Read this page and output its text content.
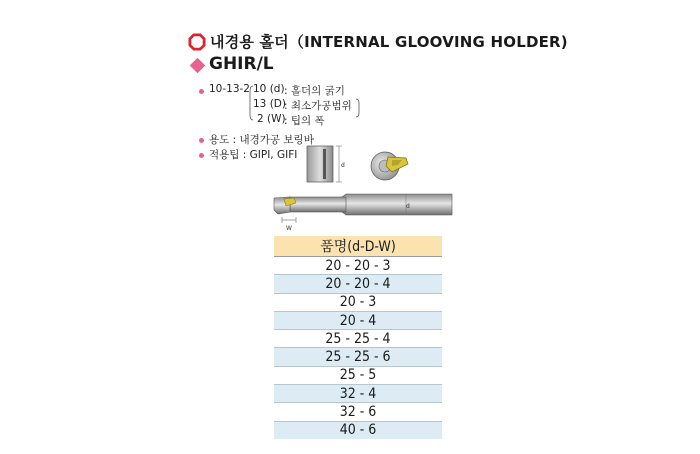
내경용 홀더（INTERNAL GLOOVING HOLDER)
GHIR/L
10-13-2 10 (d) : 홀더의 굵기
13 (D)
: 최소가공범위
2 (W)
: 팁의 폭
용도 : 내경가공 보링바
적용팁 : GIPI, GIFI
d
W
d
품명(d-D-W)
20 - 20 - 3
20 - 20 - 4
20 - 3
20 - 4
25 - 25 - 4
25 - 25 - 6
25 - 5
32 - 4
32 - 6
40 - 6
